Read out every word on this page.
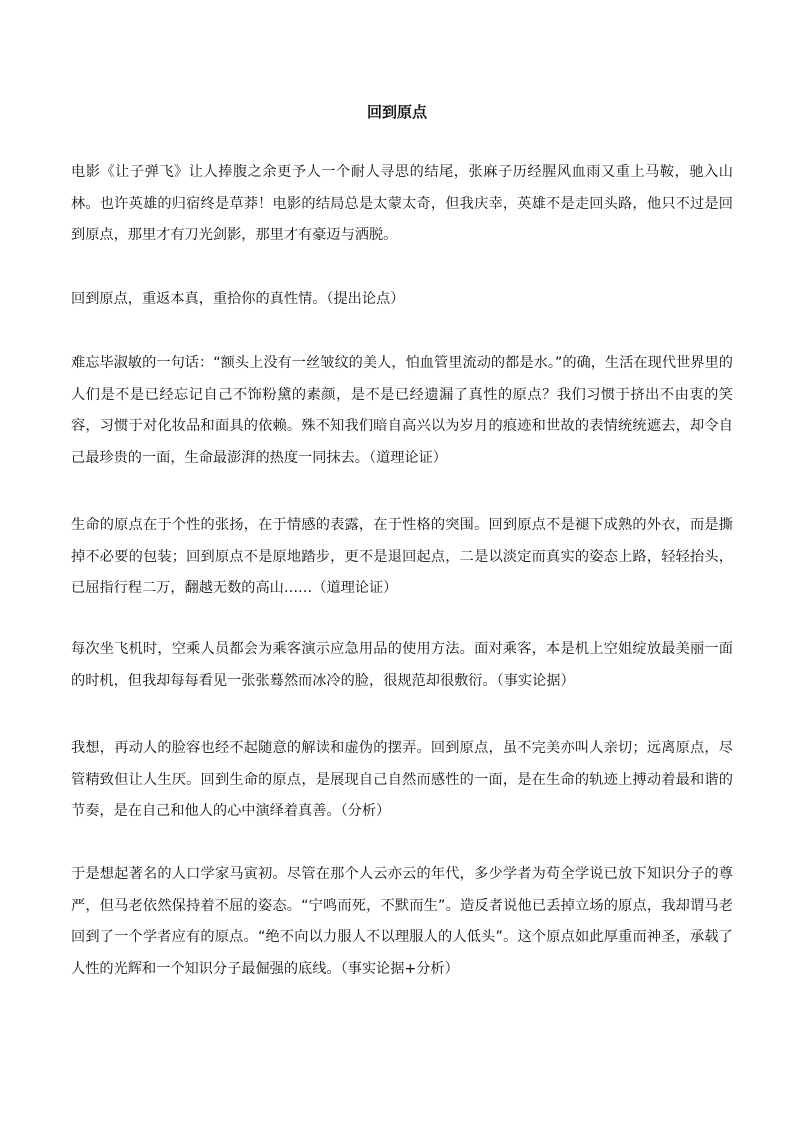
回到原点

电影《让子弹飞》让人捧腹之余更予人一个耐人寻思的结尾，张麻子历经腥风血雨又重上马鞍，驰入山林。也许英雄的归宿终是草莽！电影的结局总是太蒙太奇，但我庆幸，英雄不是走回头路，他只不过是回到原点，那里才有刀光剑影，那里才有豪迈与洒脱。

回到原点，重返本真，重拾你的真性情。（提出论点）

难忘毕淑敏的一句话：“额头上没有一丝皱纹的美人，怕血管里流动的都是水。”的确，生活在现代世界里的人们是不是已经忘记自己不饰粉黛的素颜，是不是已经遗漏了真性的原点？我们习惯于挤出不由衷的笑容，习惯于对化妆品和面具的依赖。殊不知我们暗自高兴以为岁月的痕迹和世故的表情统统遮去，却令自己最珍贵的一面，生命最澎湃的热度一同抹去。（道理论证）

生命的原点在于个性的张扬，在于情感的表露，在于性格的突围。回到原点不是褪下成熟的外衣，而是撕掉不必要的包装；回到原点不是原地踏步，更不是退回起点，二是以淡定而真实的姿态上路，轻轻抬头，已屈指行程二万，翻越无数的高山……（道理论证）

每次坐飞机时，空乘人员都会为乘客演示应急用品的使用方法。面对乘客，本是机上空姐绽放最美丽一面的时机，但我却每每看见一张张蓦然而冰冷的脸，很规范却很敷衍。（事实论据）

我想，再动人的脸容也经不起随意的解读和虚伪的摆弄。回到原点，虽不完美亦叫人亲切；远离原点，尽管精致但让人生厌。回到生命的原点，是展现自己自然而感性的一面，是在生命的轨迹上搏动着最和谐的节奏，是在自己和他人的心中演绎着真善。（分析）

于是想起著名的人口学家马寅初。尽管在那个人云亦云的年代，多少学者为苟全学说已放下知识分子的尊严，但马老依然保持着不屈的姿态。“宁鸣而死，不默而生”。造反者说他已丢掉立场的原点，我却谓马老回到了一个学者应有的原点。“绝不向以力服人不以理服人的人低头”。这个原点如此厚重而神圣，承载了人性的光辉和一个知识分子最倔强的底线。（事实论据+分析）
